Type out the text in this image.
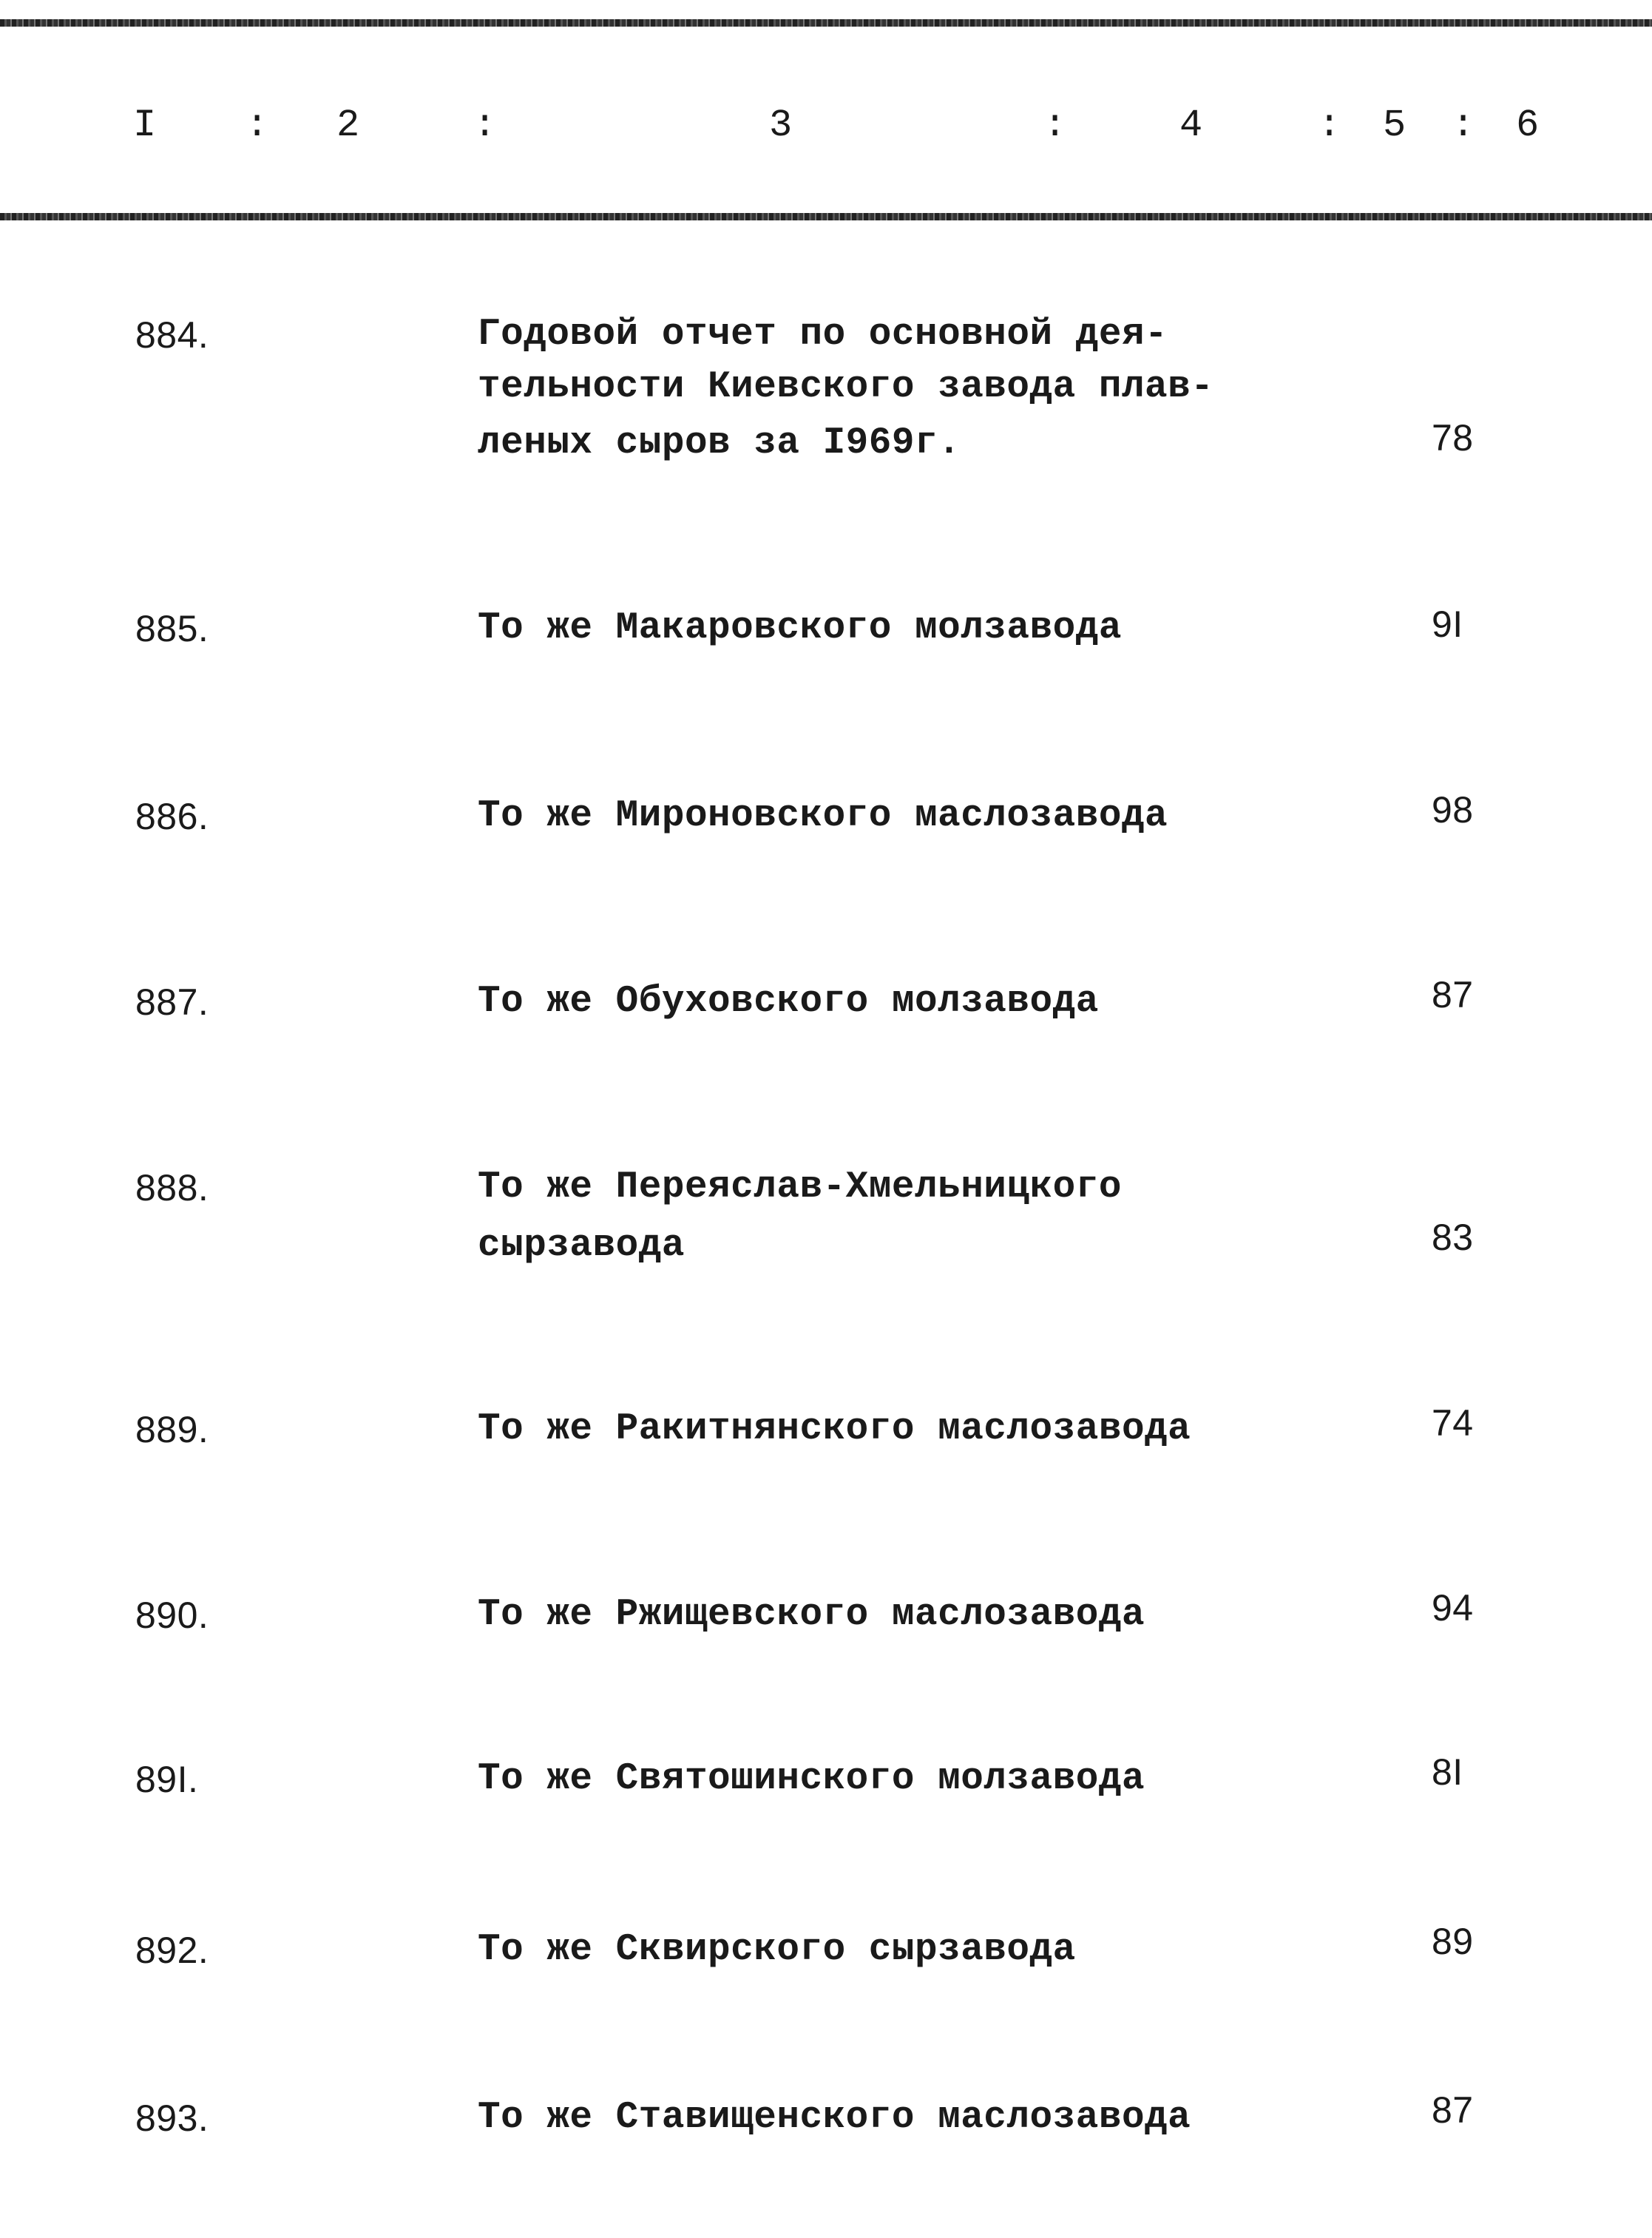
I : 2	:	3	:	4	: 5 : 6
884.	Годовой отчет по основной дея-
тельности Киевского завода плав-
леных сыров за I969г.	78
885.	То же Макаровского молзавода	9I
886.	То же Мироновского маслозавода	98
887.	То же Обуховского молзавода	87
888.	То же Переяслав-Хмельницкого
сырзавода	83
889.	То же Ракитнянского маслозавода	74
890.	То же Ржищевского маслозавода	94
89I.	То же Святошинского молзавода	8I
892.	То же Сквирского сырзавода	89
893.	То же Ставищенского маслозавода	87
